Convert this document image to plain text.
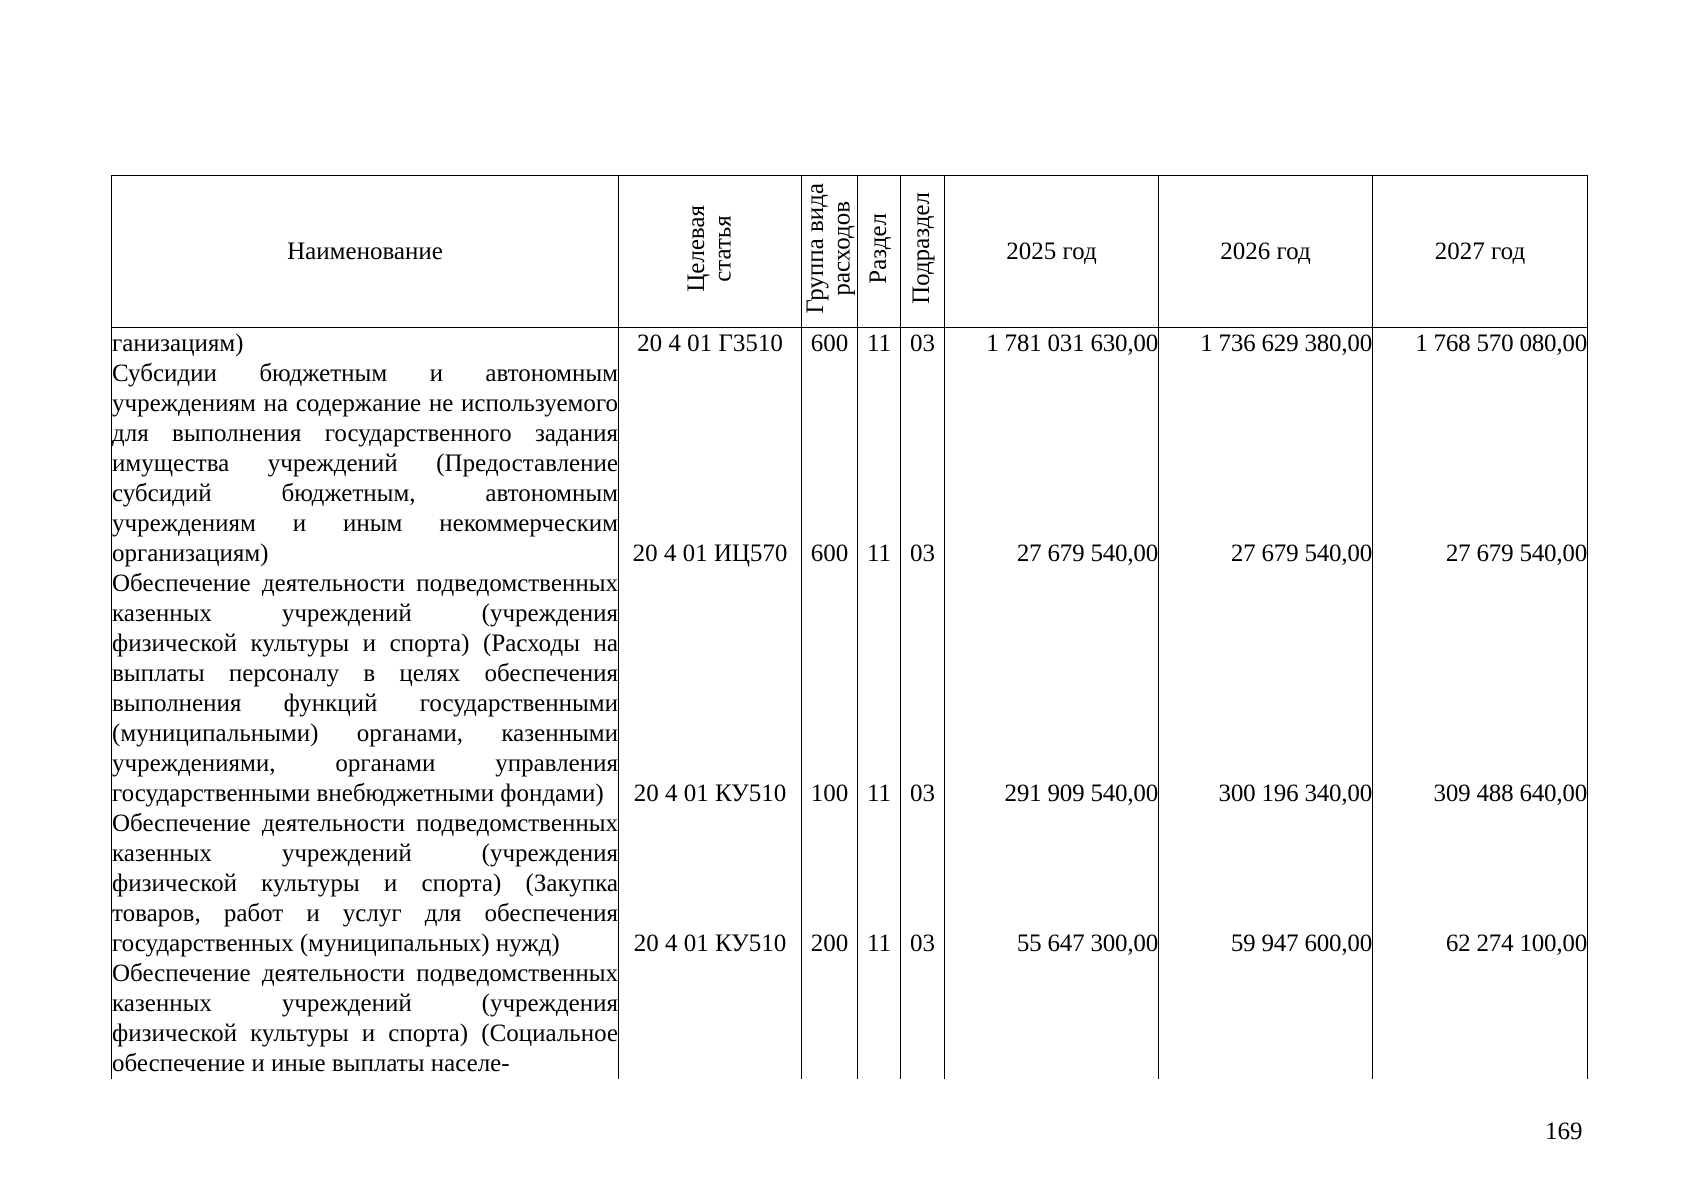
Наименование	Целевая статья	Группа вида расходов	Раздел	Подраздел	2025 год	2026 год	2027 год
ганизациям)	20 4 01 Г3510	600	11	03	1 781 031 630,00	1 736 629 380,00	1 768 570 080,00
Субсидии бюджетным и автономным учреждениям на содержание не используемого для выполнения государственного задания имущества учреждений (Предоставление субсидий бюджетным, автономным учреждениям и иным некоммерческим организациям)	20 4 01 ИЦ570	600	11	03	27 679 540,00	27 679 540,00	27 679 540,00
Обеспечение деятельности подведомственных казенных учреждений (учреждения физической культуры и спорта) (Расходы на выплаты персоналу в целях обеспечения выполнения функций государственными (муниципальными) органами, казенными учреждениями, органами управления государственными внебюджетными фондами)	20 4 01 КУ510	100	11	03	291 909 540,00	300 196 340,00	309 488 640,00
Обеспечение деятельности подведомственных казенных учреждений (учреждения физической культуры и спорта) (Закупка товаров, работ и услуг для обеспечения государственных (муниципальных) нужд)	20 4 01 КУ510	200	11	03	55 647 300,00	59 947 600,00	62 274 100,00
Обеспечение деятельности подведомственных казенных учреждений (учреждения физической культуры и спорта) (Социальное обеспечение и иные выплаты населе-							
169
